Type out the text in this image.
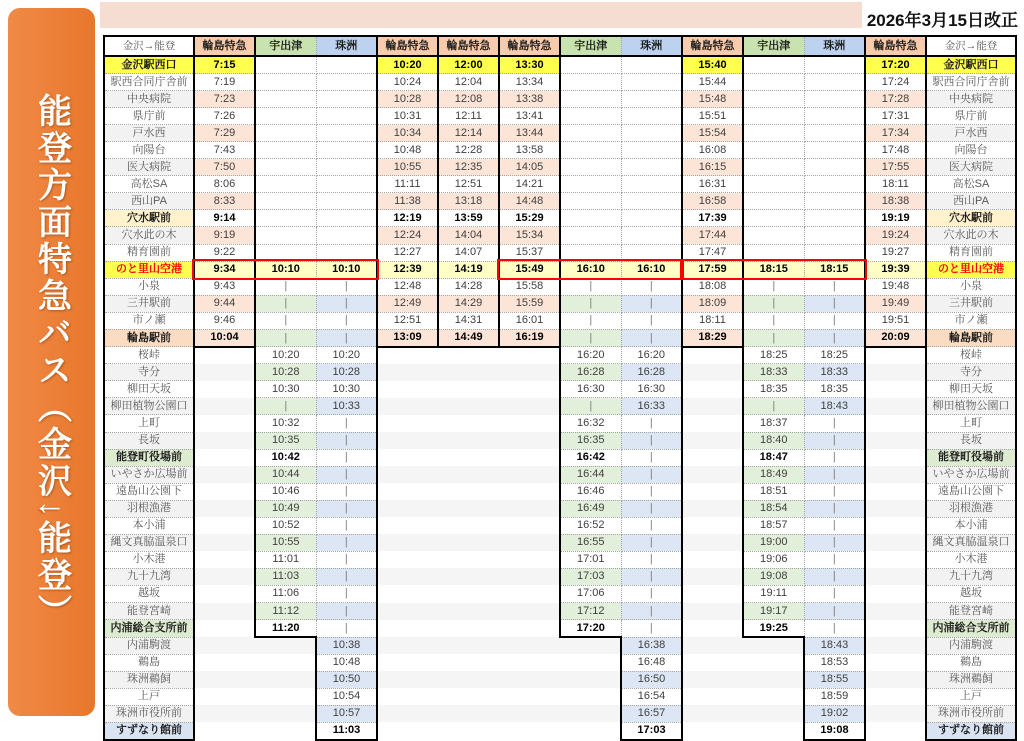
2026年3月15日改正
能登方面特急バス（金沢↓能登）
金沢→能登	輪島特急	宇出津	珠洲	輪島特急	輪島特急	輪島特急	宇出津	珠洲	輪島特急	宇出津	珠洲	輪島特急	金沢→能登
金沢駅西口	7:15			10:20	12:00	13:30			15:40			17:20	金沢駅西口
駅西合同庁舎前	7:19			10:24	12:04	13:34			15:44			17:24	駅西合同庁舎前
中央病院	7:23			10:28	12:08	13:38			15:48			17:28	中央病院
県庁前	7:26			10:31	12:11	13:41			15:51			17:31	県庁前
戸水西	7:29			10:34	12:14	13:44			15:54			17:34	戸水西
向陽台	7:43			10:48	12:28	13:58			16:08			17:48	向陽台
医大病院	7:50			10:55	12:35	14:05			16:15			17:55	医大病院
高松SA	8:06			11:11	12:51	14:21			16:31			18:11	高松SA
西山PA	8:33			11:38	13:18	14:48			16:58			18:38	西山PA
穴水駅前	9:14			12:19	13:59	15:29			17:39			19:19	穴水駅前
穴水此の木	9:19			12:24	14:04	15:34			17:44			19:24	穴水此の木
精育園前	9:22			12:27	14:07	15:37			17:47			19:27	精育園前
のと里山空港	9:34	10:10	10:10	12:39	14:19	15:49	16:10	16:10	17:59	18:15	18:15	19:39	のと里山空港
小泉	9:43	|	|	12:48	14:28	15:58	|	|	18:08	|	|	19:48	小泉
三井駅前	9:44	|	|	12:49	14:29	15:59	|	|	18:09	|	|	19:49	三井駅前
市ノ瀬	9:46	|	|	12:51	14:31	16:01	|	|	18:11	|	|	19:51	市ノ瀬
輪島駅前	10:04	|	|	13:09	14:49	16:19	|	|	18:29	|	|	20:09	輪島駅前
桜峠		10:20	10:20				16:20	16:20		18:25	18:25		桜峠
寺分		10:28	10:28				16:28	16:28		18:33	18:33		寺分
柳田天坂		10:30	10:30				16:30	16:30		18:35	18:35		柳田天坂
柳田植物公園口		|	10:33				|	16:33		|	18:43		柳田植物公園口
上町		10:32	|				16:32	|		18:37	|		上町
長坂		10:35	|				16:35	|		18:40	|		長坂
能登町役場前		10:42	|				16:42	|		18:47	|		能登町役場前
いやさか広場前		10:44	|				16:44	|		18:49	|		いやさか広場前
遠島山公園下		10:46	|				16:46	|		18:51	|		遠島山公園下
羽根漁港		10:49	|				16:49	|		18:54	|		羽根漁港
本小浦		10:52	|				16:52	|		18:57	|		本小浦
縄文真脇温泉口		10:55	|				16:55	|		19:00	|		縄文真脇温泉口
小木港		11:01	|				17:01	|		19:06	|		小木港
九十九湾		11:03	|				17:03	|		19:08	|		九十九湾
越坂		11:06	|				17:06	|		19:11	|		越坂
能登宮崎		11:12	|				17:12	|		19:17	|		能登宮崎
内浦総合支所前		11:20	|				17:20	|		19:25	|		内浦総合支所前
内浦駒渡			10:38					16:38			18:43		内浦駒渡
鵜島			10:48					16:48			18:53		鵜島
珠洲鵜飼			10:50					16:50			18:55		珠洲鵜飼
上戸			10:54					16:54			18:59		上戸
珠洲市役所前			10:57					16:57			19:02		珠洲市役所前
すずなり館前			11:03					17:03			19:08		すずなり館前
